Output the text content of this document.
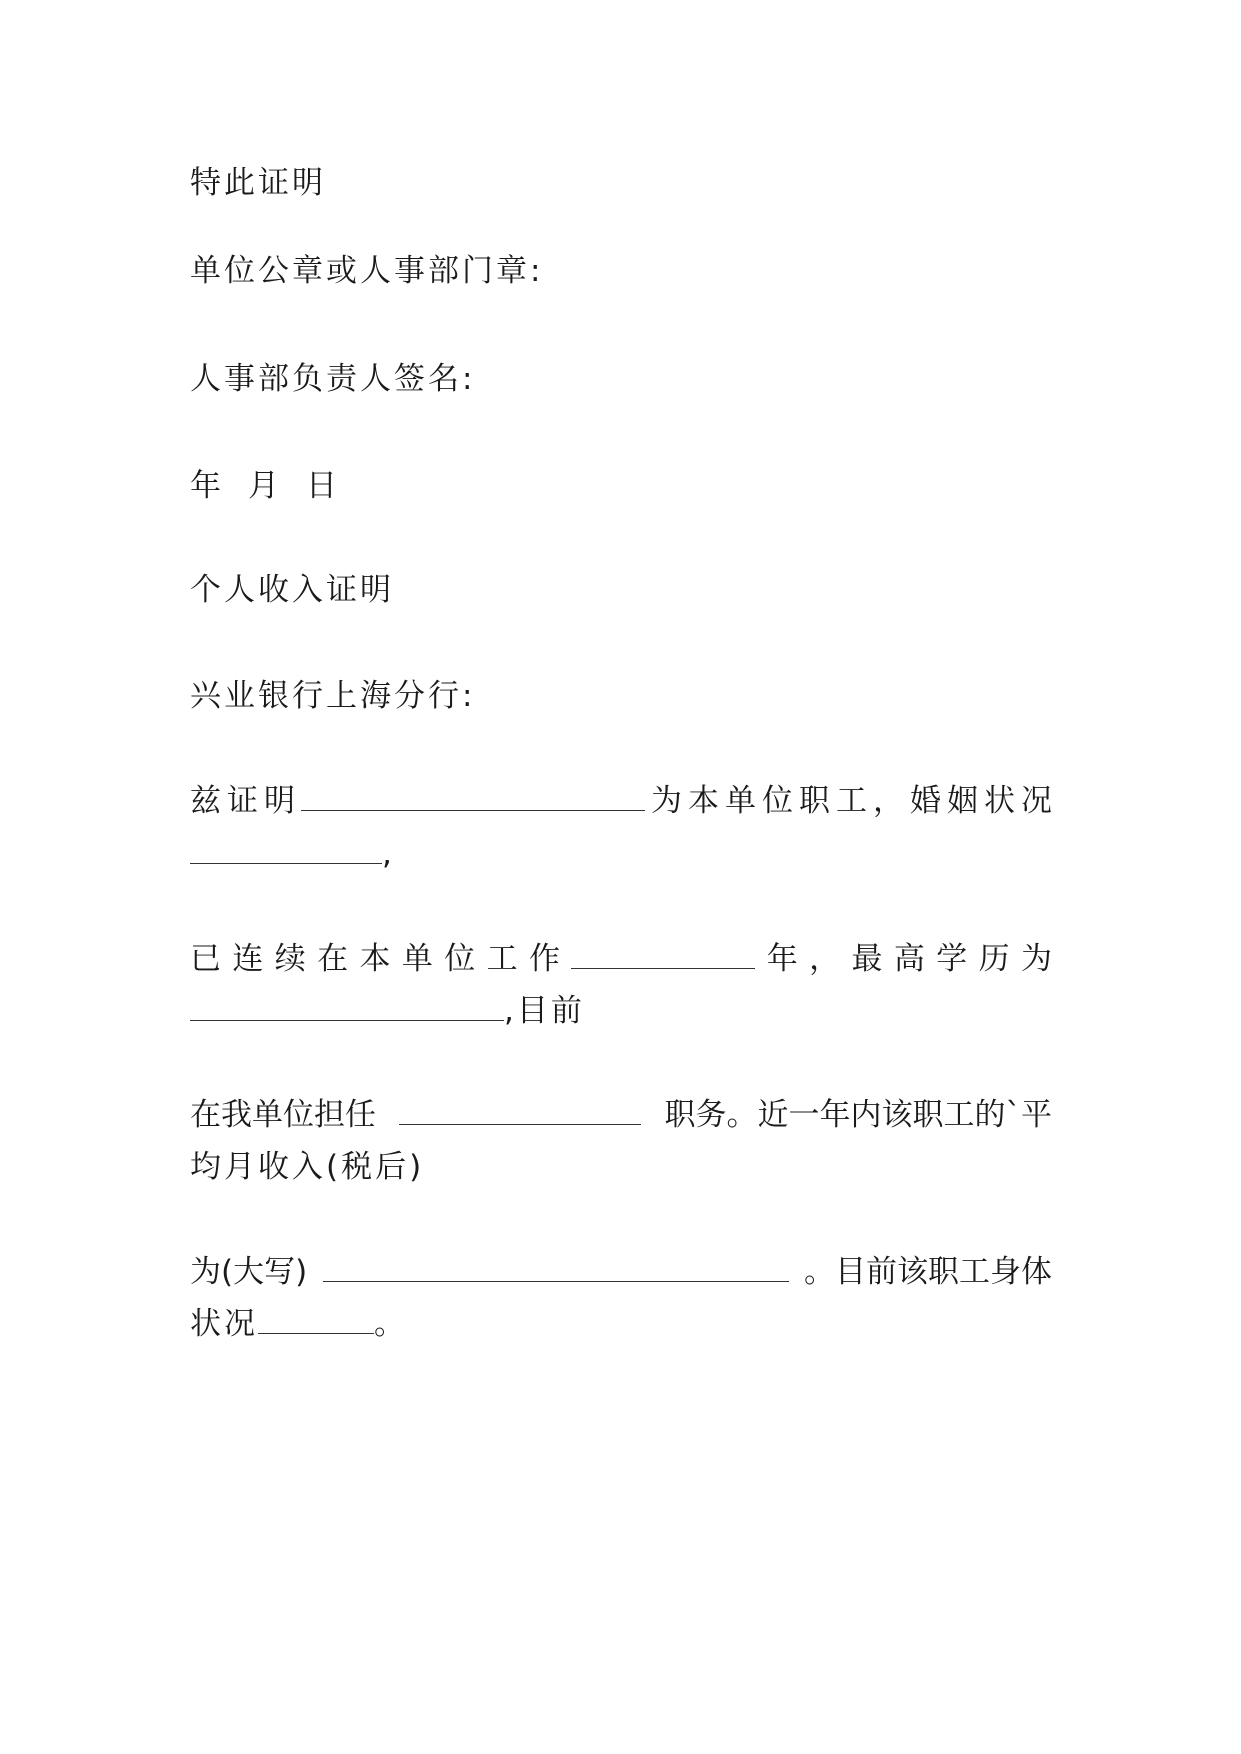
特此证明
单位公章或人事部门章:
人事部负责人签名:
年 月 日
个人收入证明
兴业银行上海分行:
兹 证 明	为 本 单 位 职 工 ， 婚 姻 状 况
,
已 连 续 在 本 单 位 工 作	年 ， 最 高 学 历 为
,目前
在我单位担任	职务。近一年内该职工的`平
均月收入(税后)
为(大写)	。目前该职工身体
状况	。
